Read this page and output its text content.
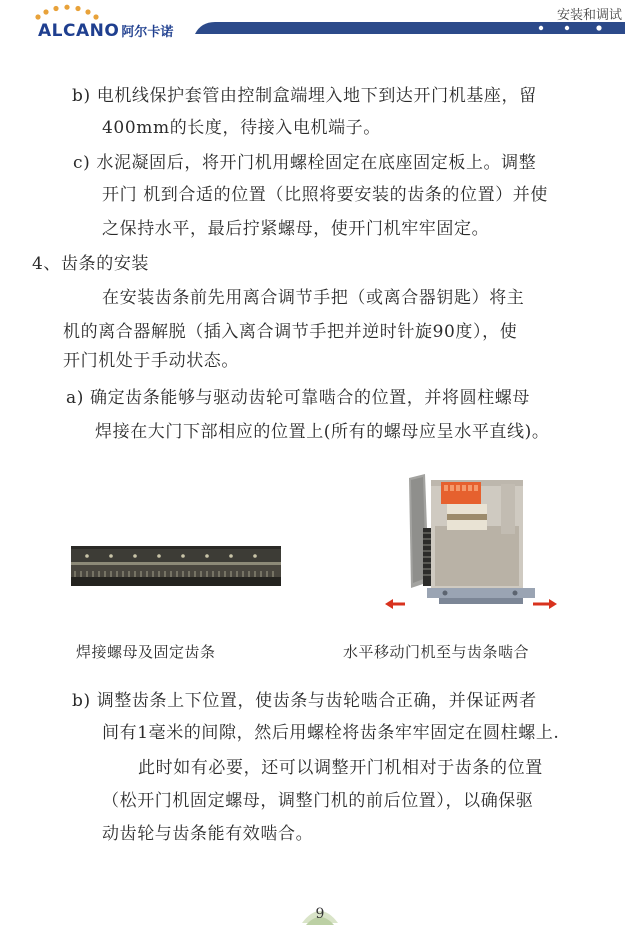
ALCANO 阿尔卡诺
安装和调试
b) 电机线保护套管由控制盒端埋入地下到达开门机基座，留
400mm的长度，待接入电机端子。
c) 水泥凝固后，将开门机用螺栓固定在底座固定板上。调整
开门 机到合适的位置（比照将要安装的齿条的位置）并使
之保持水平，最后拧紧螺母，使开门机牢牢固定。
4、齿条的安装
在安装齿条前先用离合调节手把（或离合器钥匙）将主
机的离合器解脱（插入离合调节手把并逆时针旋90度），使
开门机处于手动状态。
a) 确定齿条能够与驱动齿轮可靠啮合的位置，并将圆柱螺母
焊接在大门下部相应的位置上(所有的螺母应呈水平直线)。
焊接螺母及固定齿条	水平移动门机至与齿条啮合
b) 调整齿条上下位置，使齿条与齿轮啮合正确，并保证两者
间有1毫米的间隙，然后用螺栓将齿条牢牢固定在圆柱螺上.
此时如有必要，还可以调整开门机相对于齿条的位置
（松开门机固定螺母，调整门机的前后位置），以确保驱
动齿轮与齿条能有效啮合。
9
